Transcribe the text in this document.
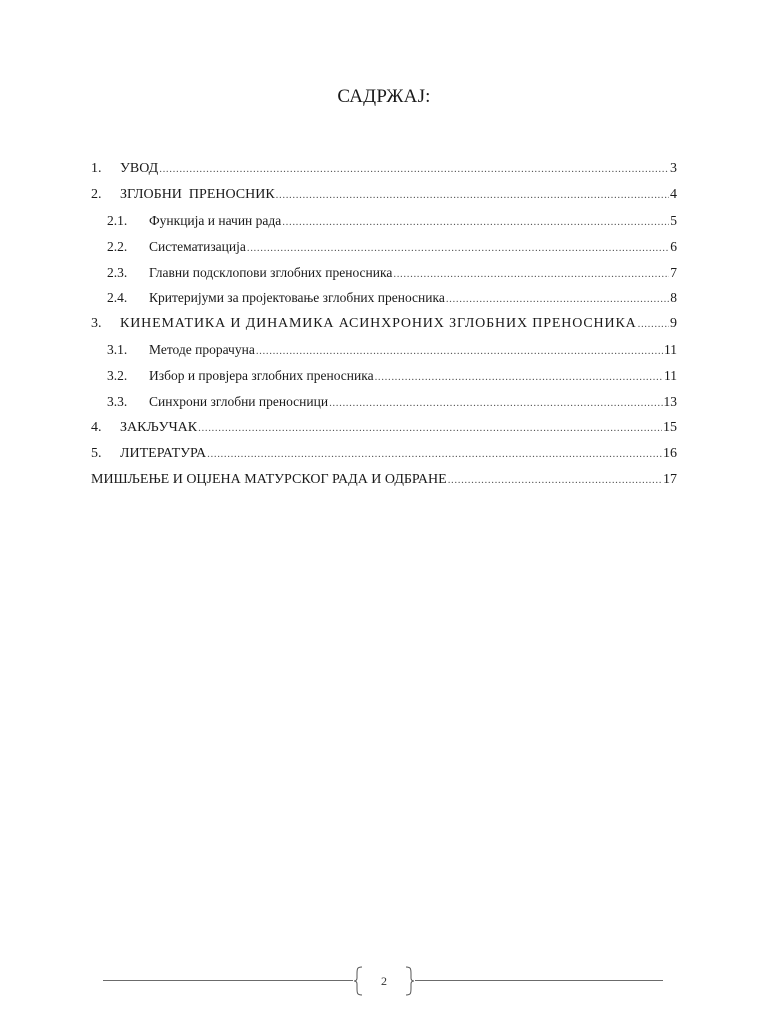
САДРЖАЈ:
1.	УВОД .....	3
2.	ЗГЛОБНИ  ПРЕНОСНИК .....	4
2.1.	Функција и начин рада .....	5
2.2.	Систематизација .....	6
2.3.	Главни подсклопови зглобних преносника .....	7
2.4.	Критеријуми за пројектовање зглобних преносника .....	8
3.	КИНЕМАТИКА И ДИНАМИКА АСИНХРОНИХ ЗГЛОБНИХ ПРЕНОСНИКА ..... 9
3.1.	Методе прорачуна .....	11
3.2.	Избор и провјера зглобних преносника .....	11
3.3.	Синхрони зглобни преносници .....	13
4.	ЗАКЉУЧАК .....	15
5.	ЛИТЕРАТУРА .....	16
МИШЉЕЊЕ И ОЦЈЕНА МАТУРСКОГ РАДА И ОДБРАНЕ .....	17
2
